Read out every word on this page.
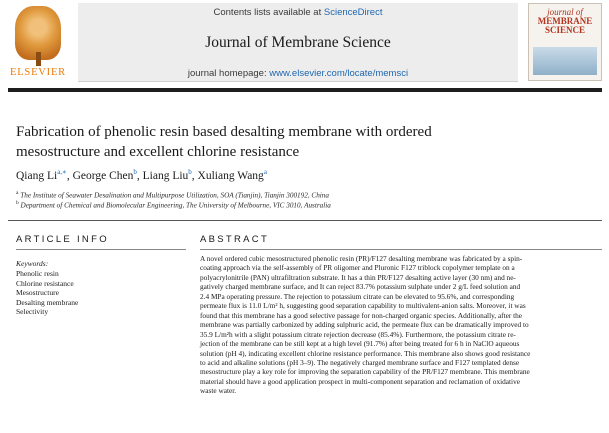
ELSEVIER
Contents lists available at ScienceDirect
Journal of Membrane Science
journal homepage: www.elsevier.com/locate/memsci
journal of
MEMBRANE
SCIENCE
Fabrication of phenolic resin based desalting membrane with ordered
mesostructure and excellent chlorine resistance
Qiang $Li^{a,∗}$, George Chen$^b$, Liang Liu$^b$, Xuliang Wang$^a$
$^a$ The Institute of Seawater Desalination and Multipurpose Utilization, SOA (Tianjin), Tianjin 300192, China
$^b$ Department of Chemical and Biomolecular Engineering, The University of Melbourne, VIC 3010, Australia
ARTICLE INFO
Keywords:
Phenolic resin
Chlorine resistance
Mesostructure
Desalting membrane
Selectivity
ABSTRACT
A novel ordered cubic mesostructured phenolic resin (PR)/F127 desalting membrane was fabricated by a spin-
coating approach via the self-assembly of PR oligomer and Pluronic F127 triblock copolymer template on a
polyacrylonitrile (PAN) ultrafiltration substrate. It has a thin PR/F127 desalting active layer (30 nm) and ne-
gatively charged membrane surface, and It can reject 83.7% potassium sulphate under 2 g/L feed solution and
2.4 MPa operating pressure. The rejection to potassium citrate can be elevated to 95.6%, and corresponding
permeate flux is 11.0 L/m² h, suggesting good separation capability to multivalent-anion salts. Moreover, it was
found that this membrane has a good selective passage for non-charged organic species. Additionally, after the
membrane was partially carbonized by adding sulphuric acid, the permeate flux can be dramatically improved to
35.9 L/m²h with a slight potassium citrate rejection decrease (85.4%). Furthermore, the potassium citrate re-
jection of the membrane can be still kept at a high level (91.7%) after being treated for 6 h in NaClO aqueous
solution (pH 4), indicating excellent chlorine resistance performance. This membrane also shows good resistance
to acid and alkaline solutions (pH 3–9). The negatively charged membrane surface and F127 templated dense
mesostructure play a key role for improving the separation capability of the PR/F127 membrane. This membrane
material should have a good application prospect in multi-component separation and reclamation of oxidative
waste water.
